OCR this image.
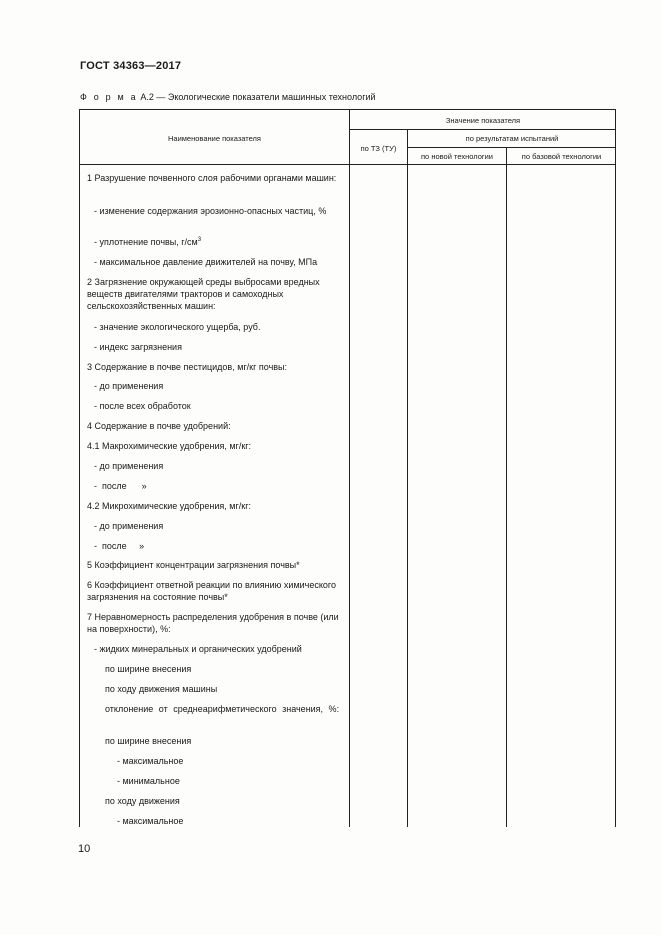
ГОСТ 34363—2017
Ф о р м а А.2 — Экологические показатели машинных технологий
Наименование показателя
Значение показателя
по ТЗ (ТУ)
по результатам испытаний
по новой технологии	по базовой технологии
1 Разрушение почвенного слоя рабочими органами машин:
- изменение содержания эрозионно-опасных частиц, %
- уплотнение почвы, $г/см^3$
- максимальное давление движителей на почву, МПа
2 Загрязнение окружающей среды выбросами вредных веществ двигателями тракторов и самоходных сельскохозяйственных машин:
- значение экологического ущерба, руб.
- индекс загрязнения
3 Содержание в почве пестицидов, мг/кг почвы:
- до применения
- после всех обработок
4 Содержание в почве удобрений:
4.1 Макрохимические удобрения, мг/кг:
- до применения
-  после      »
4.2 Микрохимические удобрения, мг/кг:
- до применения
-  после     »
5 Коэффициент концентрации загрязнения почвы*
6 Коэффициент ответной реакции по влиянию химического загрязнения на состояние почвы*
7 Неравномерность распределения удобрения в почве (или на поверхности), %:
- жидких минеральных и органических удобрений
по ширине внесения
по ходу движения машины
отклонение от среднеарифметического значения, %:
по ширине внесения
- максимальное
- минимальное
по ходу движения
- максимальное
10
